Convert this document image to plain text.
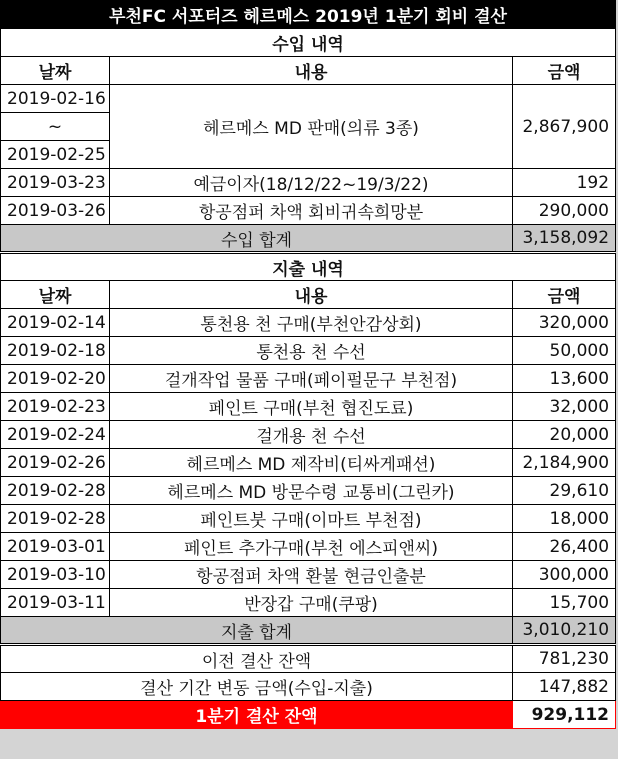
부천FC 서포터즈 헤르메스 2019년 1분기 회비 결산		
수입 내역		
날짜	내용	금액
2019-02-16	헤르메스 MD 판매(의류 3종)	2,867,900
~		
2019-02-25		
2019-03-23	예금이자(18/12/22~19/3/22)	192
2019-03-26	항공점퍼 차액 회비귀속희망분	290,000
수입 합계		3,158,092
지출 내역		
날짜	내용	금액
2019-02-14	통천용 천 구매(부천안감상회)	320,000
2019-02-18	통천용 천 수선	50,000
2019-02-20	걸개작업 물품 구매(페이펄문구 부천점)	13,600
2019-02-23	페인트 구매(부천 협진도료)	32,000
2019-02-24	걸개용 천 수선	20,000
2019-02-26	헤르메스 MD 제작비(티싸게패션)	2,184,900
2019-02-28	헤르메스 MD 방문수령 교통비(그린카)	29,610
2019-02-28	페인트붓 구매(이마트 부천점)	18,000
2019-03-01	페인트 추가구매(부천 에스피앤씨)	26,400
2019-03-10	항공점퍼 차액 환불 현금인출분	300,000
2019-03-11	반장갑 구매(쿠팡)	15,700
지출 합계		3,010,210
이전 결산 잔액		781,230
결산 기간 변동 금액(수입-지출)		147,882
1분기 결산 잔액		929,112
